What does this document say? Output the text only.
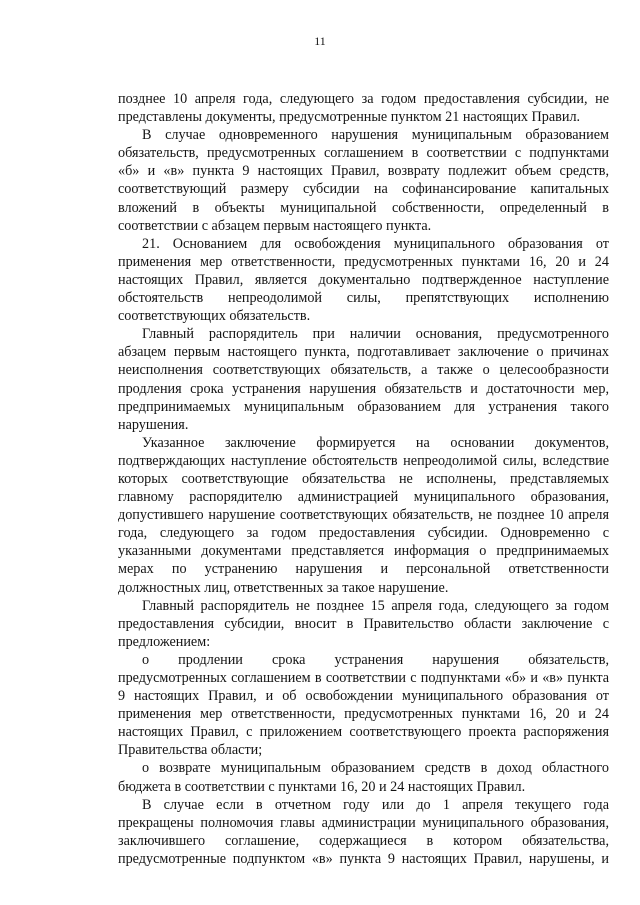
11
позднее 10 апреля года, следующего за годом предоставления субсидии, не
представлены документы, предусмотренные пунктом 21 настоящих Правил.
В случае одновременного нарушения муниципальным образованием
обязательств, предусмотренных соглашением в соответствии с подпунктами
«б» и «в» пункта 9 настоящих Правил, возврату подлежит объем средств,
соответствующий размеру субсидии на софинансирование капитальных
вложений в объекты муниципальной собственности, определенный в
соответствии с абзацем первым настоящего пункта.
21. Основанием для освобождения муниципального образования от
применения мер ответственности, предусмотренных пунктами 16, 20 и 24
настоящих Правил, является документально подтвержденное наступление
обстоятельств непреодолимой силы, препятствующих исполнению
соответствующих обязательств.
Главный распорядитель при наличии основания, предусмотренного
абзацем первым настоящего пункта, подготавливает заключение о причинах
неисполнения соответствующих обязательств, а также о целесообразности
продления срока устранения нарушения обязательств и достаточности мер,
предпринимаемых муниципальным образованием для устранения такого
нарушения.
Указанное заключение формируется на основании документов,
подтверждающих наступление обстоятельств непреодолимой силы, вследствие
которых соответствующие обязательства не исполнены, представляемых
главному распорядителю администрацией муниципального образования,
допустившего нарушение соответствующих обязательств, не позднее 10 апреля
года, следующего за годом предоставления субсидии. Одновременно с
указанными документами представляется информация о предпринимаемых
мерах по устранению нарушения и персональной ответственности
должностных лиц, ответственных за такое нарушение.
Главный распорядитель не позднее 15 апреля года, следующего за годом
предоставления субсидии, вносит в Правительство области заключение с
предложением:
о продлении срока устранения нарушения обязательств,
предусмотренных соглашением в соответствии с подпунктами «б» и «в» пункта
9 настоящих Правил, и об освобождении муниципального образования от
применения мер ответственности, предусмотренных пунктами 16, 20 и 24
настоящих Правил, с приложением соответствующего проекта распоряжения
Правительства области;
о возврате муниципальным образованием средств в доход областного
бюджета в соответствии с пунктами 16, 20 и 24 настоящих Правил.
В случае если в отчетном году или до 1 апреля текущего года
прекращены полномочия главы администрации муниципального образования,
заключившего соглашение, содержащиеся в котором обязательства,
предусмотренные подпунктом «в» пункта 9 настоящих Правил, нарушены, и
